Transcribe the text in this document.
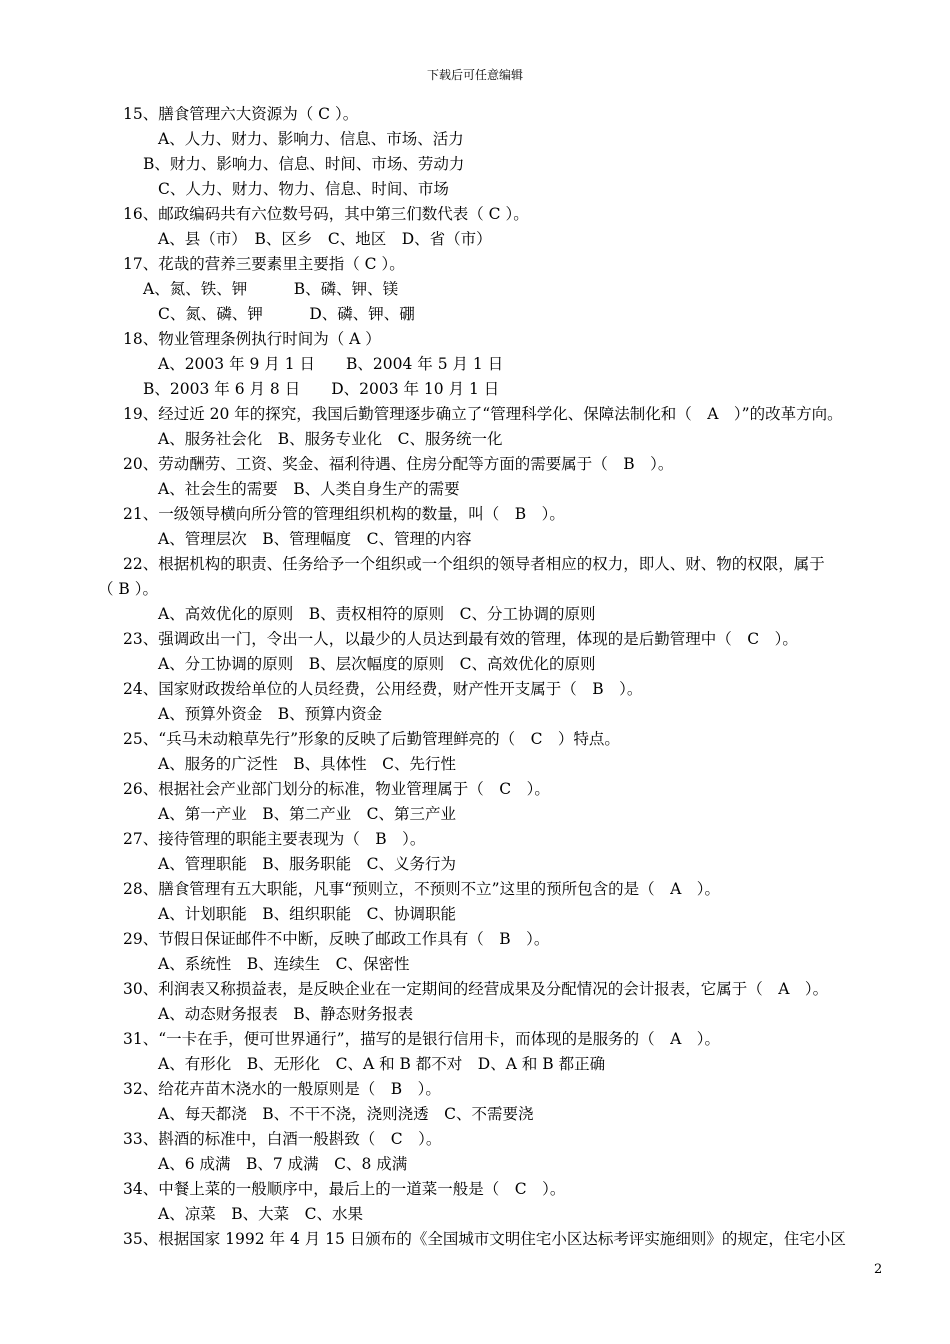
下载后可任意编辑
15、膳食管理六大资源为（ C ）。
A、人力、财力、影响力、信息、市场、活力
B、财力、影响力、信息、时间、市场、劳动力
C、人力、财力、物力、信息、时间、市场
16、邮政编码共有六位数号码，其中第三们数代表（ C ）。
A、县（市）　B、区乡　C、地区　D、省（市）
17、花哉的营养三要素里主要指（ C ）。
A、氮、铁、钾　　　B、磷、钾、镁
C、氮、磷、钾　　　D、磷、钾、硼
18、物业管理条例执行时间为（ A ）
A、2003 年 9 月 1 日　　B、2004 年 5 月 1 日
B、2003 年 6 月 8 日　　D、2003 年 10 月 1 日
19、经过近 20 年的探究，我国后勤管理逐步确立了“管理科学化、保障法制化和（　A　）”的改革方向。
A、服务社会化　B、服务专业化　C、服务统一化
20、劳动酬劳、工资、奖金、福利待遇、住房分配等方面的需要属于（　B　）。
A、社会生的需要　B、人类自身生产的需要
21、一级领导横向所分管的管理组织机构的数量，叫（　B　）。
A、管理层次　B、管理幅度　C、管理的内容
22、根据机构的职责、任务给予一个组织或一个组织的领导者相应的权力，即人、财、物的权限，属于
（ B ）。
A、高效优化的原则　B、责权相符的原则　C、分工协调的原则
23、强调政出一门，令出一人，以最少的人员达到最有效的管理，体现的是后勤管理中（　C　）。
A、分工协调的原则　B、层次幅度的原则　C、高效优化的原则
24、国家财政拨给单位的人员经费，公用经费，财产性开支属于（　B　）。
A、预算外资金　B、预算内资金
25、“兵马未动粮草先行”形象的反映了后勤管理鲜亮的（　C　）特点。
A、服务的广泛性　B、具体性　C、先行性
26、根据社会产业部门划分的标准，物业管理属于（　C　）。
A、第一产业　B、第二产业　C、第三产业
27、接待管理的职能主要表现为（　B　）。
A、管理职能　B、服务职能　C、义务行为
28、膳食管理有五大职能，凡事“预则立，不预则不立”这里的预所包含的是（　A　）。
A、计划职能　B、组织职能　C、协调职能
29、节假日保证邮件不中断，反映了邮政工作具有（　B　）。
A、系统性　B、连续生　C、保密性
30、利润表又称损益表，是反映企业在一定期间的经营成果及分配情况的会计报表，它属于（　A　）。
A、动态财务报表　B、静态财务报表
31、“一卡在手，便可世界通行”，描写的是银行信用卡，而体现的是服务的（　A　）。
A、有形化　B、无形化　C、A 和 B 都不对　D、A 和 B 都正确
32、给花卉苗木浇水的一般原则是（　B　）。
A、每天都浇　B、不干不浇，浇则浇透　C、不需要浇
33、斟酒的标准中，白酒一般斟致（　C　）。
A、6 成满　B、7 成满　C、8 成满
34、中餐上菜的一般顺序中，最后上的一道菜一般是（　C　）。
A、凉菜　B、大菜　C、水果
35、根据国家 1992 年 4 月 15 日颁布的《全国城市文明住宅小区达标考评实施细则》的规定，住宅小区
2
